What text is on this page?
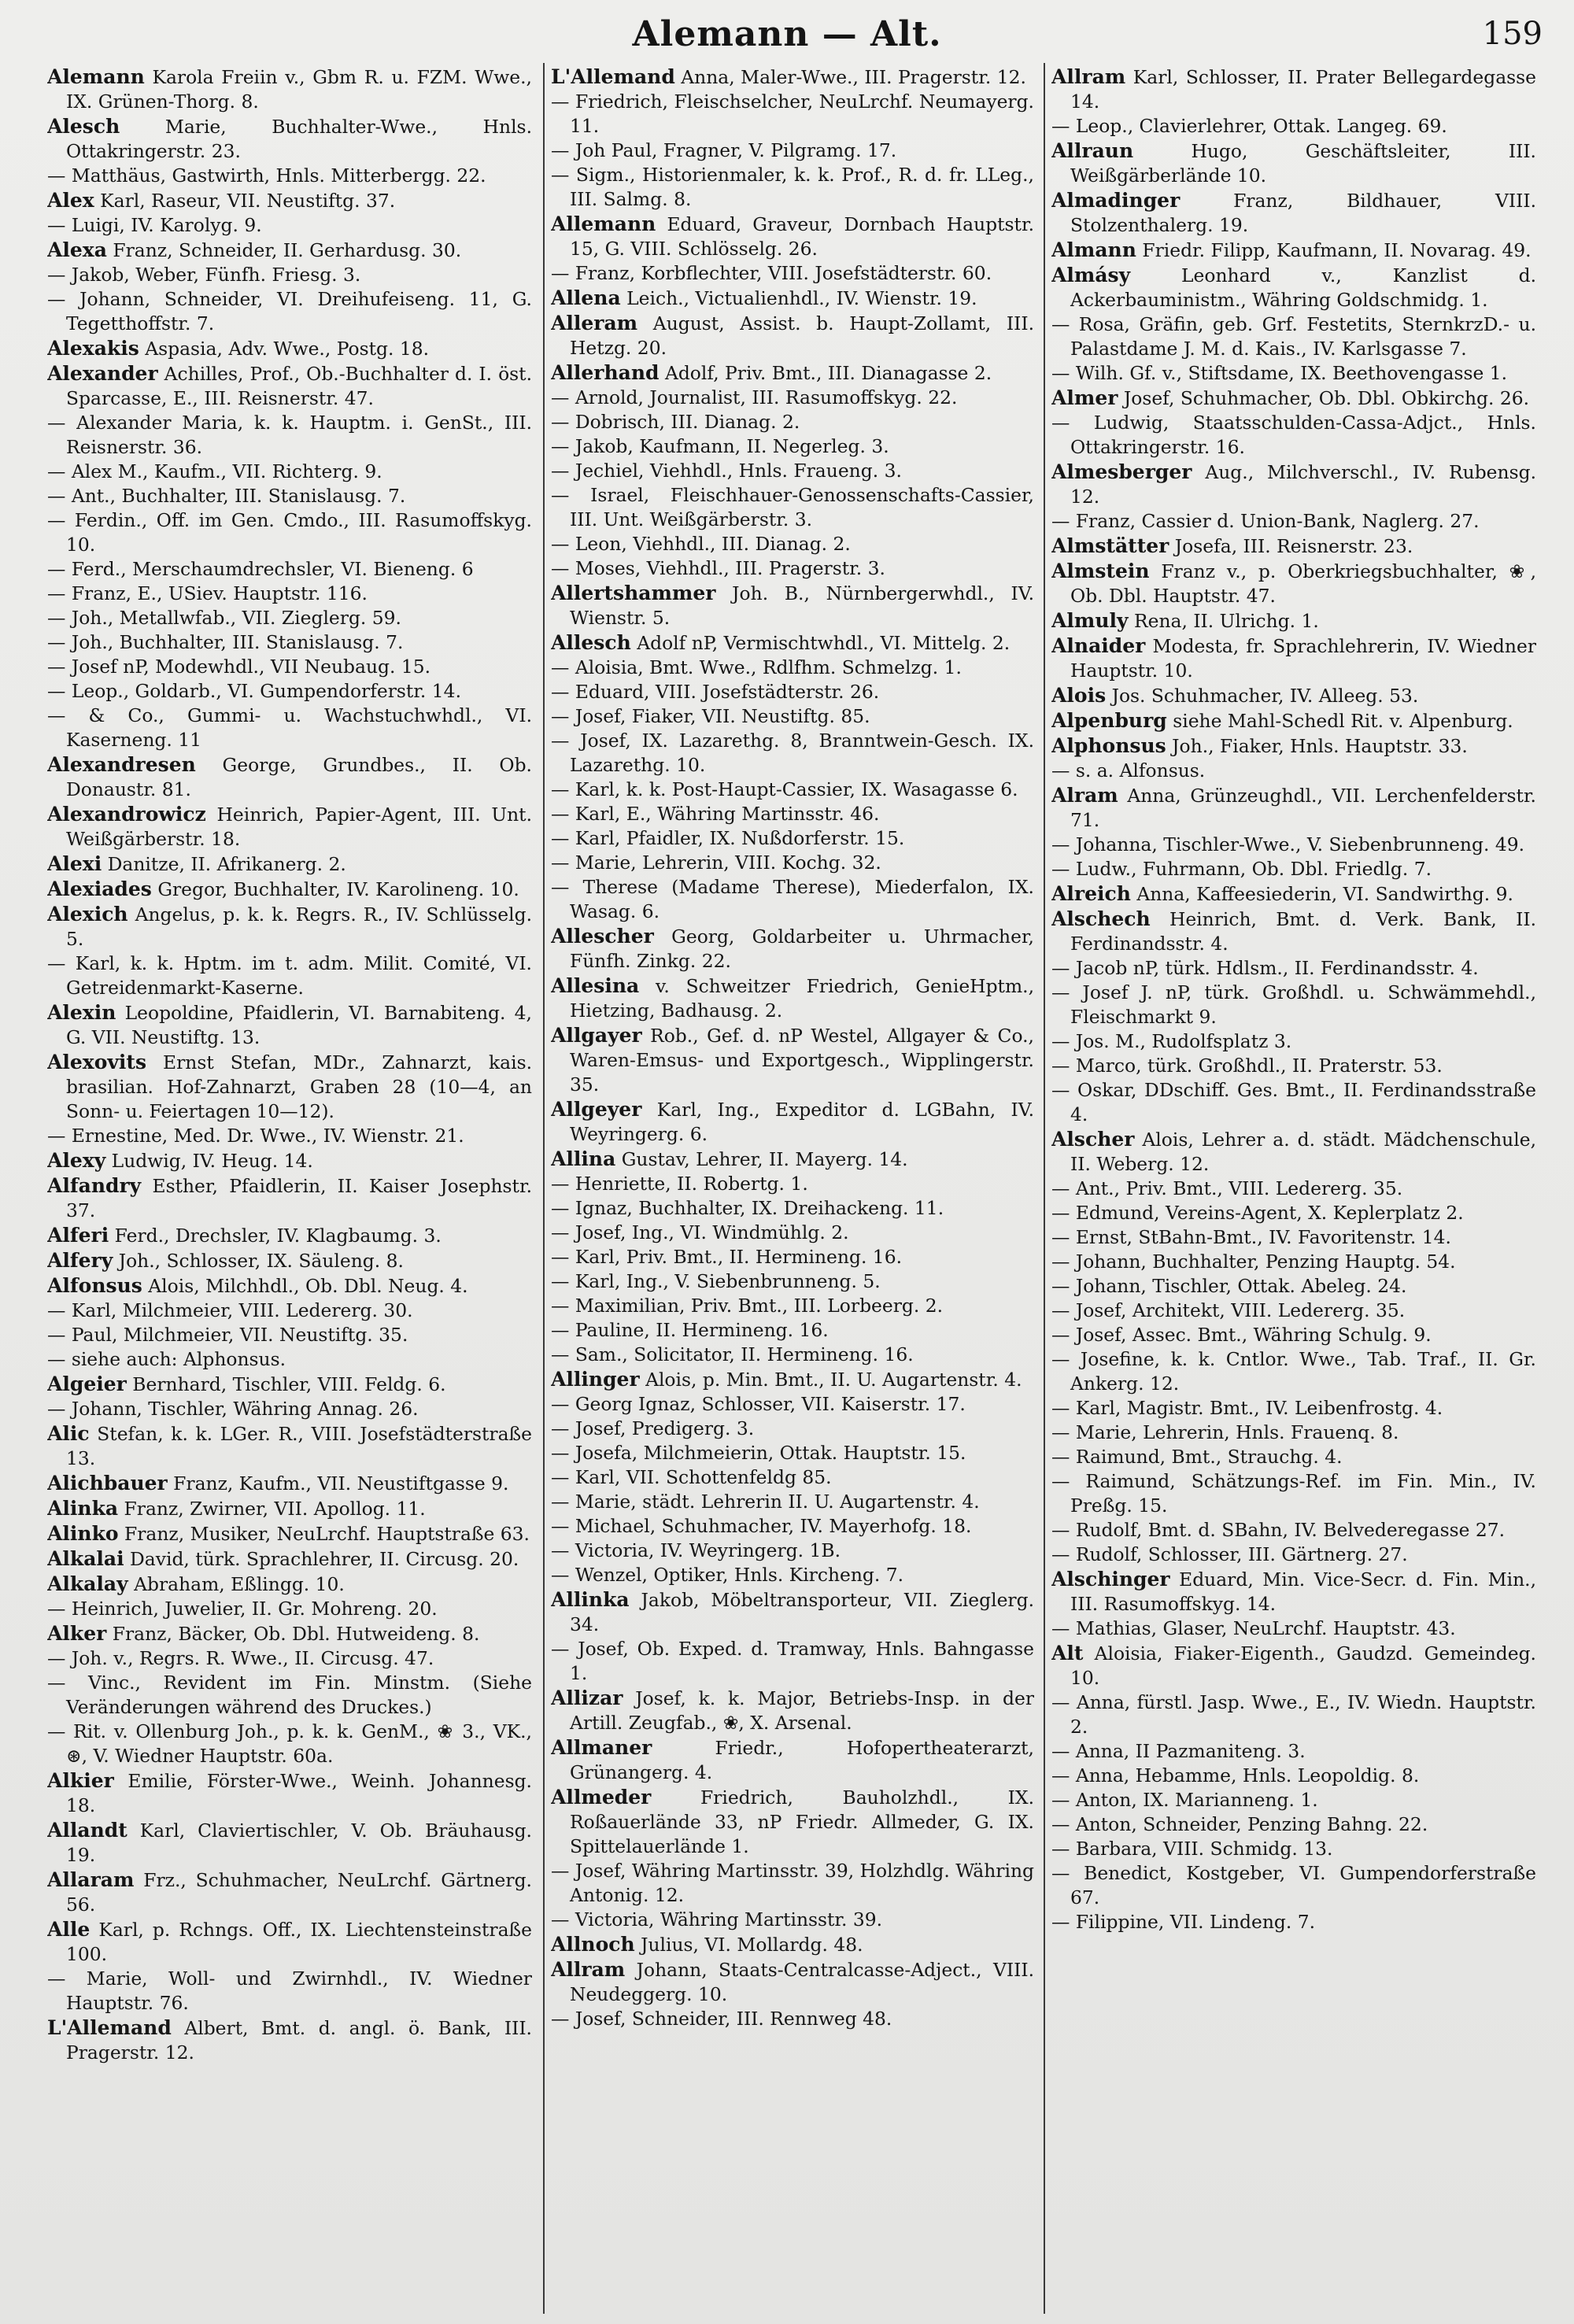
Alemann — Alt.	159

Alemann Karola Freiin v., Gbm R. u. FZM. Wwe., IX. Grünen-Thorg. 8.

Alesch Marie, Buchhalter-Wwe., Hnls. Ottakringerstr. 23.

— Matthäus, Gastwirth, Hnls. Mitterbergg. 22.

Alex Karl, Raseur, VII. Neustiftg. 37.

— Luigi, IV. Karolyg. 9.

Alexa Franz, Schneider, II. Gerhardusg. 30.

— Jakob, Weber, Fünfh. Friesg. 3.

— Johann, Schneider, VI. Dreihufeiseng. 11, G. Tegetthoffstr. 7.

Alexakis Aspasia, Adv. Wwe., Postg. 18.

Alexander Achilles, Prof., Ob.-Buchhalter d. I. öst. Sparcasse, E., III. Reisnerstr. 47.

— Alexander Maria, k. k. Hauptm. i. GenSt., III. Reisnerstr. 36.

— Alex M., Kaufm., VII. Richterg. 9.

— Ant., Buchhalter, III. Stanislausg. 7.

— Ferdin., Off. im Gen. Cmdo., III. Rasumoffskyg. 10.

— Ferd., Merschaumdrechsler, VI. Bieneng. 6

— Franz, E., USiev. Hauptstr. 116.

— Joh., Metallwfab., VII. Zieglerg. 59.

— Joh., Buchhalter, III. Stanislausg. 7.

— Josef nP, Modewhdl., VII Neubaug. 15.

— Leop., Goldarb., VI. Gumpendorferstr. 14.

— & Co., Gummi- u. Wachstuchwhdl., VI. Kaserneng. 11

Alexandresen George, Grundbes., II. Ob. Donaustr. 81.

Alexandrowicz Heinrich, Papier-Agent, III. Unt. Weißgärberstr. 18.

Alexi Danitze, II. Afrikanerg. 2.

Alexiades Gregor, Buchhalter, IV. Karolineng. 10.

Alexich Angelus, p. k. k. Regrs. R., IV. Schlüsselg. 5.

— Karl, k. k. Hptm. im t. adm. Milit. Comité, VI. Getreidenmarkt-Kaserne.

Alexin Leopoldine, Pfaidlerin, VI. Barnabiteng. 4, G. VII. Neustiftg. 13.

Alexovits Ernst Stefan, MDr., Zahnarzt, kais. brasilian. Hof-Zahnarzt, Graben 28 (10—4, an Sonn- u. Feiertagen 10—12).

— Ernestine, Med. Dr. Wwe., IV. Wienstr. 21.

Alexy Ludwig, IV. Heug. 14.

Alfandry Esther, Pfaidlerin, II. Kaiser Josephstr. 37.

Alferi Ferd., Drechsler, IV. Klagbaumg. 3.

Alfery Joh., Schlosser, IX. Säuleng. 8.

Alfonsus Alois, Milchhdl., Ob. Dbl. Neug. 4.

— Karl, Milchmeier, VIII. Ledererg. 30.

— Paul, Milchmeier, VII. Neustiftg. 35.

— siehe auch: Alphonsus.

Algeier Bernhard, Tischler, VIII. Feldg. 6.

— Johann, Tischler, Währing Annag. 26.

Alic Stefan, k. k. LGer. R., VIII. Josefstädterstraße 13.

Alichbauer Franz, Kaufm., VII. Neustiftgasse 9.

Alinka Franz, Zwirner, VII. Apollog. 11.

Alinko Franz, Musiker, NeuLrchf. Hauptstraße 63.

Alkalai David, türk. Sprachlehrer, II. Circusg. 20.

Alkalay Abraham, Eßlingg. 10.

— Heinrich, Juwelier, II. Gr. Mohreng. 20.

Alker Franz, Bäcker, Ob. Dbl. Hutweideng. 8.

— Joh. v., Regrs. R. Wwe., II. Circusg. 47.

— Vinc., Revident im Fin. Minstm. (Siehe Veränderungen während des Druckes.)

— Rit. v. Ollenburg Joh., p. k. k. GenM., ❀ 3., VK., ⊛, V. Wiedner Hauptstr. 60a.

Alkier Emilie, Förster-Wwe., Weinh. Johannesg. 18.

Allandt Karl, Claviertischler, V. Ob. Bräuhausg. 19.

Allaram Frz., Schuhmacher, NeuLrchf. Gärtnerg. 56.

Alle Karl, p. Rchngs. Off., IX. Liechtensteinstraße 100.

— Marie, Woll- und Zwirnhdl., IV. Wiedner Hauptstr. 76.

L'Allemand Albert, Bmt. d. angl. ö. Bank, III. Pragerstr. 12.

L'Allemand Anna, Maler-Wwe., III. Pragerstr. 12.

— Friedrich, Fleischselcher, NeuLrchf. Neumayerg. 11.

— Joh Paul, Fragner, V. Pilgramg. 17.

— Sigm., Historienmaler, k. k. Prof., R. d. fr. LLeg., III. Salmg. 8.

Allemann Eduard, Graveur, Dornbach Hauptstr. 15, G. VIII. Schlösselg. 26.

— Franz, Korbflechter, VIII. Josefstädterstr. 60.

Allena Leich., Victualienhdl., IV. Wienstr. 19.

Alleram August, Assist. b. Haupt-Zollamt, III. Hetzg. 20.

Allerhand Adolf, Priv. Bmt., III. Dianagasse 2.

— Arnold, Journalist, III. Rasumoffskyg. 22.

— Dobrisch, III. Dianag. 2.

— Jakob, Kaufmann, II. Negerleg. 3.

— Jechiel, Viehhdl., Hnls. Fraueng. 3.

— Israel, Fleischhauer-Genossenschafts-Cassier, III. Unt. Weißgärberstr. 3.

— Leon, Viehhdl., III. Dianag. 2.

— Moses, Viehhdl., III. Pragerstr. 3.

Allertshammer Joh. B., Nürnbergerwhdl., IV. Wienstr. 5.

Allesch Adolf nP, Vermischtwhdl., VI. Mittelg. 2.

— Aloisia, Bmt. Wwe., Rdlfhm. Schmelzg. 1.

— Eduard, VIII. Josefstädterstr. 26.

— Josef, Fiaker, VII. Neustiftg. 85.

— Josef, IX. Lazarethg. 8, Branntwein-Gesch. IX. Lazarethg. 10.

— Karl, k. k. Post-Haupt-Cassier, IX. Wasagasse 6.

— Karl, E., Währing Martinsstr. 46.

— Karl, Pfaidler, IX. Nußdorferstr. 15.

— Marie, Lehrerin, VIII. Kochg. 32.

— Therese (Madame Therese), Miederfalon, IX. Wasag. 6.

Allescher Georg, Goldarbeiter u. Uhrmacher, Fünfh. Zinkg. 22.

Allesina v. Schweitzer Friedrich, GenieHptm., Hietzing, Badhausg. 2.

Allgayer Rob., Gef. d. nP Westel, Allgayer & Co., Waren-Emsus- und Exportgesch., Wipplingerstr. 35.

Allgeyer Karl, Ing., Expeditor d. LGBahn, IV. Weyringerg. 6.

Allina Gustav, Lehrer, II. Mayerg. 14.

— Henriette, II. Robertg. 1.

— Ignaz, Buchhalter, IX. Dreihackeng. 11.

— Josef, Ing., VI. Windmühlg. 2.

— Karl, Priv. Bmt., II. Hermineng. 16.

— Karl, Ing., V. Siebenbrunneng. 5.

— Maximilian, Priv. Bmt., III. Lorbeerg. 2.

— Pauline, II. Hermineng. 16.

— Sam., Solicitator, II. Hermineng. 16.

Allinger Alois, p. Min. Bmt., II. U. Augartenstr. 4.

— Georg Ignaz, Schlosser, VII. Kaiserstr. 17.

— Josef, Predigerg. 3.

— Josefa, Milchmeierin, Ottak. Hauptstr. 15.

— Karl, VII. Schottenfeldg 85.

— Marie, städt. Lehrerin II. U. Augartenstr. 4.

— Michael, Schuhmacher, IV. Mayerhofg. 18.

— Victoria, IV. Weyringerg. 1B.

— Wenzel, Optiker, Hnls. Kircheng. 7.

Allinka Jakob, Möbeltransporteur, VII. Zieglerg. 34.

— Josef, Ob. Exped. d. Tramway, Hnls. Bahngasse 1.

Allizar Josef, k. k. Major, Betriebs-Insp. in der Artill. Zeugfab., ❀, X. Arsenal.

Allmaner	Friedr., Hofopertheaterarzt, Grünangerg. 4.

Allmeder	Friedrich, Bauholzhdl., IX. Roßauerlände 33, nP Friedr. Allmeder, G. IX. Spittelauerlände 1.

— Josef, Währing Martinsstr. 39, Holzhdlg. Währing Antonig. 12.

— Victoria, Währing Martinsstr. 39.

Allnoch Julius, VI. Mollardg. 48.

Allram Johann, Staats-Centralcasse-Adject., VIII. Neudeggerg. 10.

— Josef, Schneider, III. Rennweg 48.

Allram Karl, Schlosser, II. Prater Bellegardegasse 14.

— Leop., Clavierlehrer, Ottak. Langeg. 69.

Allraun	Hugo, Geschäftsleiter, III. Weißgärberlände 10.

Almadinger	Franz, Bildhauer, VIII. Stolzenthalerg. 19.

Almann Friedr. Filipp, Kaufmann, II. Novarag. 49.

Almásy	Leonhard v., Kanzlist d. Ackerbauministm., Währing Goldschmidg. 1.

— Rosa, Gräfin, geb. Grf. Festetits, SternkrzD.- u. Palastdame J. M. d. Kais., IV. Karlsgasse 7.

— Wilh. Gf. v., Stiftsdame, IX. Beethovengasse 1.

Almer Josef, Schuhmacher, Ob. Dbl. Obkirchg. 26.

— Ludwig, Staatsschulden-Cassa-Adjct., Hnls. Ottakringerstr. 16.

Almesberger Aug., Milchverschl., IV. Rubensg. 12.

— Franz, Cassier d. Union-Bank, Naglerg. 27.

Almstätter Josefa, III. Reisnerstr. 23.

Almstein Franz v., p. Oberkriegsbuchhalter, ❀, Ob. Dbl. Hauptstr. 47.

Almuly Rena, II. Ulrichg. 1.

Alnaider Modesta, fr. Sprachlehrerin, IV. Wiedner Hauptstr. 10.

Alois Jos. Schuhmacher, IV. Alleeg. 53.

Alpenburg siehe Mahl-Schedl Rit. v. Alpenburg.

Alphonsus Joh., Fiaker, Hnls. Hauptstr. 33.

— s. a. Alfonsus.

Alram Anna, Grünzeughdl., VII. Lerchenfelderstr. 71.

— Johanna, Tischler-Wwe., V. Siebenbrunneng. 49.

— Ludw., Fuhrmann, Ob. Dbl. Friedlg. 7.

Alreich Anna, Kaffeesiederin, VI. Sandwirthg. 9.

Alschech Heinrich, Bmt. d. Verk. Bank, II. Ferdinandsstr. 4.

— Jacob nP, türk. Hdlsm., II. Ferdinandsstr. 4.

— Josef J. nP, türk. Großhdl. u. Schwämmehdl., Fleischmarkt 9.

— Jos. M., Rudolfsplatz 3.

— Marco, türk. Großhdl., II. Praterstr. 53.

— Oskar, DDschiff. Ges. Bmt., II. Ferdinandsstraße 4.

Alscher Alois, Lehrer a. d. städt. Mädchenschule, II. Weberg. 12.

— Ant., Priv. Bmt., VIII. Ledererg. 35.

— Edmund, Vereins-Agent, X. Keplerplatz 2.

— Ernst, StBahn-Bmt., IV. Favoritenstr. 14.

— Johann, Buchhalter, Penzing Hauptg. 54.

— Johann, Tischler, Ottak. Abeleg. 24.

— Josef, Architekt, VIII. Ledererg. 35.

— Josef, Assec. Bmt., Währing Schulg. 9.

— Josefine, k. k. Cntlor. Wwe., Tab. Traf., II. Gr. Ankerg. 12.

— Karl, Magistr. Bmt., IV. Leibenfrostg. 4.

— Marie, Lehrerin, Hnls. Frauenq. 8.

— Raimund, Bmt., Strauchg. 4.

— Raimund, Schätzungs-Ref. im Fin. Min., IV. Preßg. 15.

— Rudolf, Bmt. d. SBahn, IV. Belvederegasse 27.

— Rudolf, Schlosser, III. Gärtnerg. 27.

Alschinger Eduard, Min. Vice-Secr. d. Fin. Min., III. Rasumoffskyg. 14.

— Mathias, Glaser, NeuLrchf. Hauptstr. 43.

Alt Aloisia, Fiaker-Eigenth., Gaudzd. Gemeindeg. 10.

— Anna, fürstl. Jasp. Wwe., E., IV. Wiedn. Hauptstr. 2.

— Anna, II Pazmaniteng. 3.

— Anna, Hebamme, Hnls. Leopoldig. 8.

— Anton, IX. Marianneng. 1.

— Anton, Schneider, Penzing Bahng. 22.

— Barbara, VIII. Schmidg. 13.

— Benedict, Kostgeber, VI. Gumpendorferstraße 67.

— Filippine, VII. Lindeng. 7.
